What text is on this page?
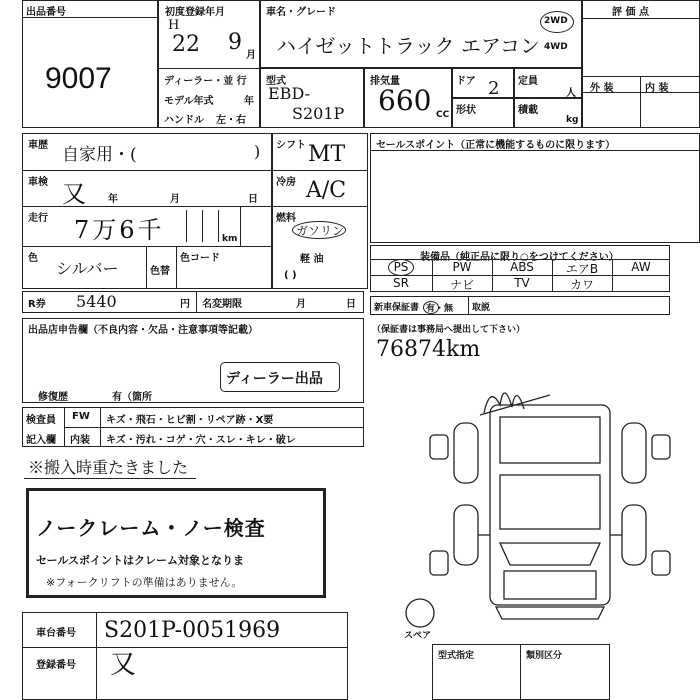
出品番号
9007
初度登録年月
H
22 9
月
ディーラー・並 行
モデル年式	年
ハンドル 左・右
車名・グレード
ハイゼットトラック エアコン
2WD
4WD
型式
EBD-
S201P
排気量
660 CC
ドア 2 定員
人
形状	積載
kg
評 価 点
外 装	内 装
車歴 自家用・(	)
車検 又 年	月	日
走行 7万6千	km
色
シルバー	色替
色コード
シフト MT
冷房 A/C
燃料
ガソリン
軽 油
( )
セールスポイント（正常に機能するものに限ります）
装備品（純正品に限り○をつけてください）
PS	PW	ABS	エアB	AW
SR	ナビ	TV	カワ
R券 5440	円 名変期限	月	日 新車保証書 有・無 取説
（保証書は事務局へ提出して下さい）
76874km
出品店申告欄（不良内容・欠品・注意事項等記載）
ディーラー出品
修復歴	有（箇所
検査員
記入欄
FW キズ・飛石・ヒビ割・リペア跡・X要
内装 キズ・汚れ・コゲ・穴・スレ・キレ・破レ
※搬入時重たきました
ノークレーム・ノー検査
セールスポイントはクレーム対象となりま
※フォークリフトの準備はありません。
車台番号 S201P-0051969
登録番号 又	型式指定	類別区分
スペア
